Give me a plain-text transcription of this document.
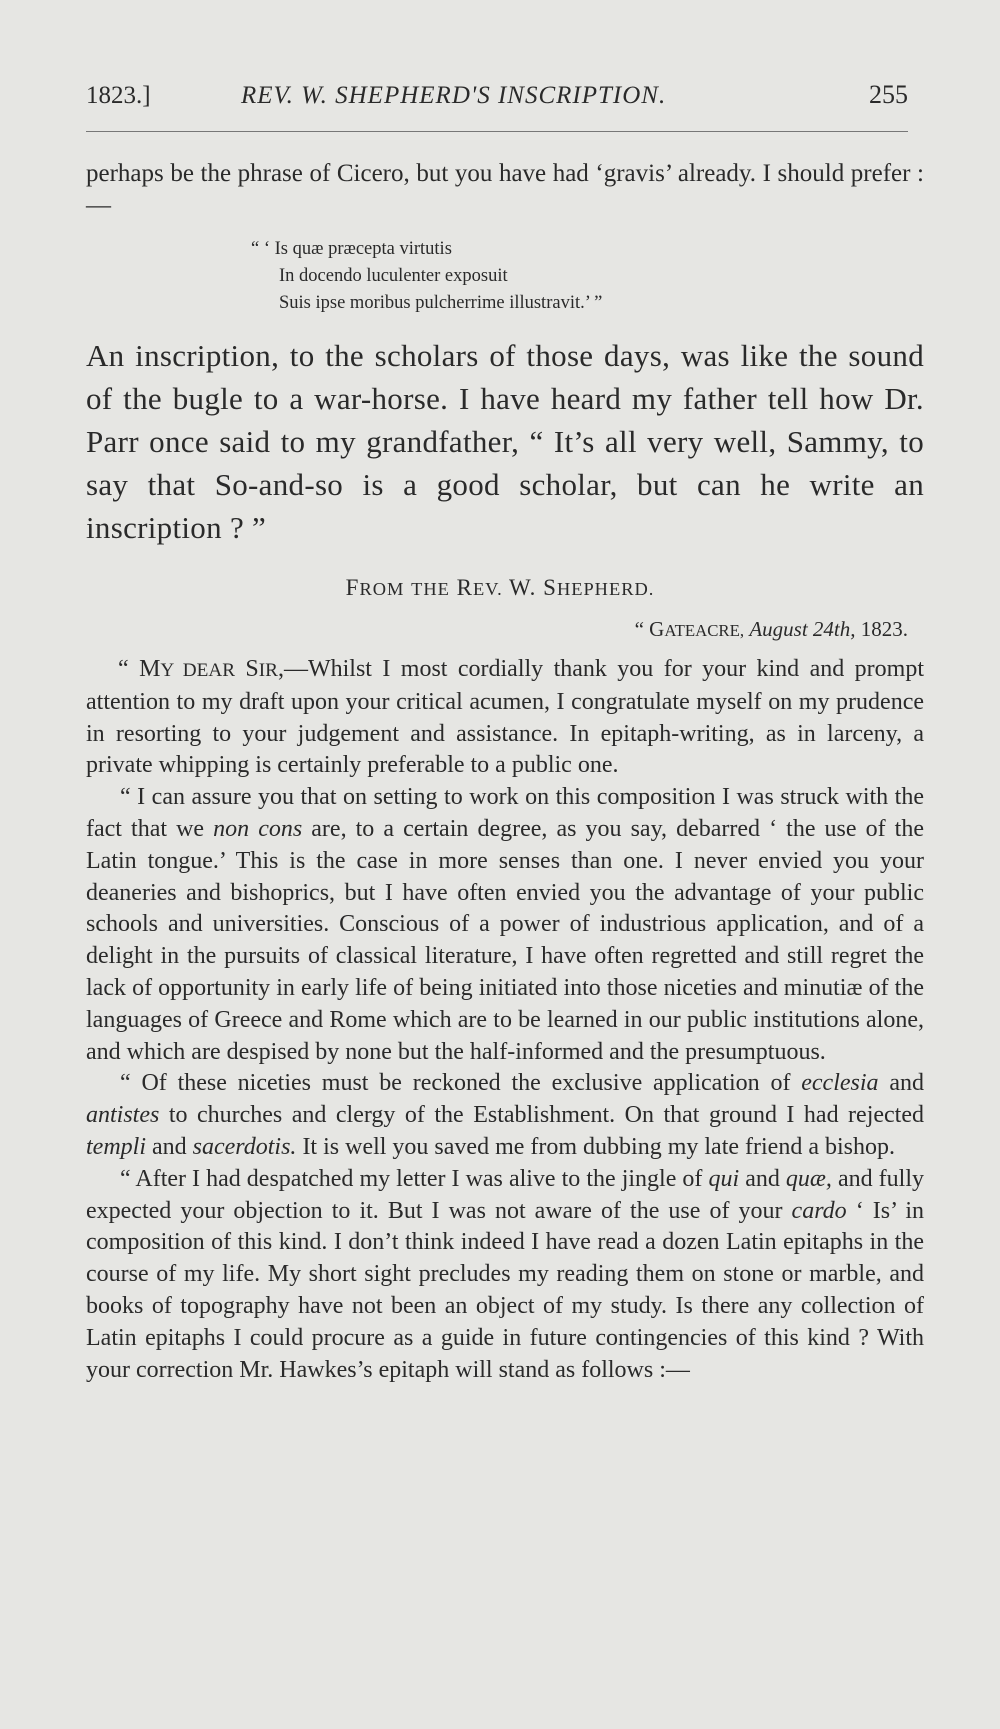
1823.]	REV. W. SHEPHERD'S INSCRIPTION.	255

perhaps be the phrase of Cicero, but you have had ‘gravis’ already. I should prefer :—

“ ‘ Is quæ præcepta virtutis
In docendo luculenter exposuit
Suis ipse moribus pulcherrime illustravit.’ ”

An inscription, to the scholars of those days, was like the sound of the bugle to a war-horse. I have heard my father tell how Dr. Parr once said to my grandfather, “ It’s all very well, Sammy, to say that So-and-so is a good scholar, but can he write an inscription ? ”

FROM THE REV. W. SHEPHERD.
“ GATEACRE, August 24th, 1823.

“ MY DEAR SIR,—Whilst I most cordially thank you for your kind and prompt attention to my draft upon your critical acumen, I congratulate myself on my prudence in resorting to your judgement and assistance. In epitaph-writing, as in larceny, a private whipping is certainly preferable to a public one.

“ I can assure you that on setting to work on this composition I was struck with the fact that we non cons are, to a certain degree, as you say, debarred ‘ the use of the Latin tongue.’ This is the case in more senses than one. I never envied you your deaneries and bishoprics, but I have often envied you the advantage of your public schools and universities. Conscious of a power of industrious application, and of a delight in the pursuits of classical literature, I have often regretted and still regret the lack of opportunity in early life of being initiated into those niceties and minutiæ of the languages of Greece and Rome which are to be learned in our public institutions alone, and which are despised by none but the half-informed and the presumptuous.

“ Of these niceties must be reckoned the exclusive application of ecclesia and antistes to churches and clergy of the Establishment. On that ground I had rejected templi and sacerdotis. It is well you saved me from dubbing my late friend a bishop.

“ After I had despatched my letter I was alive to the jingle of qui and quæ, and fully expected your objection to it. But I was not aware of the use of your cardo ‘ Is’ in composition of this kind. I don’t think indeed I have read a dozen Latin epitaphs in the course of my life. My short sight precludes my reading them on stone or marble, and books of topography have not been an object of my study. Is there any collection of Latin epitaphs I could procure as a guide in future contingencies of this kind ? With your correction Mr. Hawkes’s epitaph will stand as follows :—
